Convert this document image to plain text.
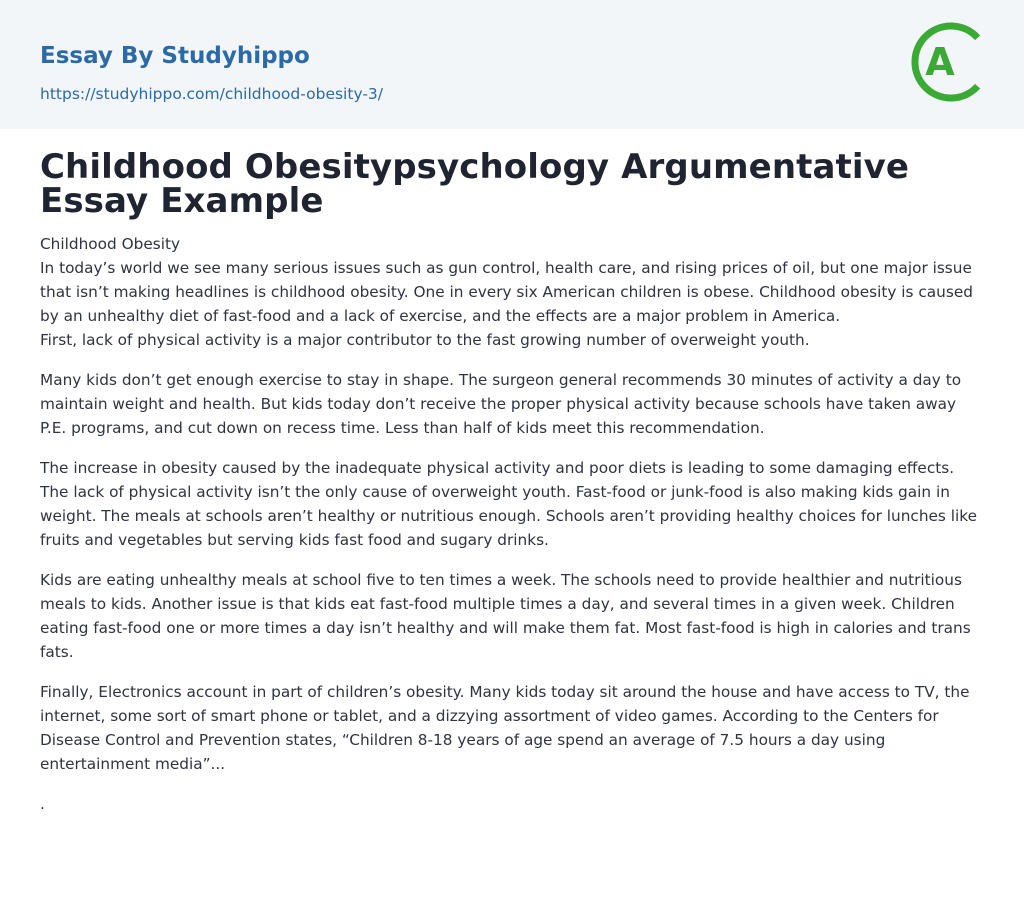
Essay By Studyhippo
https://studyhippo.com/childhood-obesity-3/
A
Childhood Obesitypsychology Argumentative Essay Example

Childhood Obesity

In today’s world we see many serious issues such as gun control, health care, and rising prices of oil, but one major issue that isn’t making headlines is childhood obesity. One in every six American children is obese. Childhood obesity is caused by an unhealthy diet of fast-food and a lack of exercise, and the effects are a major problem in America.

First, lack of physical activity is a major contributor to the fast growing number of overweight youth.

Many kids don’t get enough exercise to stay in shape. The surgeon general recommends 30 minutes of activity a day to maintain weight and health. But kids today don’t receive the proper physical activity because schools have taken away P.E. programs, and cut down on recess time. Less than half of kids meet this recommendation.

The increase in obesity caused by the inadequate physical activity and poor diets is leading to some damaging effects.

The lack of physical activity isn’t the only cause of overweight youth. Fast-food or junk-food is also making kids gain in weight. The meals at schools aren’t healthy or nutritious enough. Schools aren’t providing healthy choices for lunches like fruits and vegetables but serving kids fast food and sugary drinks.

Kids are eating unhealthy meals at school five to ten times a week. The schools need to provide healthier and nutritious meals to kids. Another issue is that kids eat fast-food multiple times a day, and several times in a given week. Children eating fast-food one or more times a day isn’t healthy and will make them fat. Most fast-food is high in calories and trans fats.

Finally, Electronics account in part of children’s obesity. Many kids today sit around the house and have access to TV, the internet, some sort of smart phone or tablet, and a dizzying assortment of video games. According to the Centers for Disease Control and Prevention states, “Children 8-18 years of age spend an average of 7.5 hours a day using entertainment media”...

.
